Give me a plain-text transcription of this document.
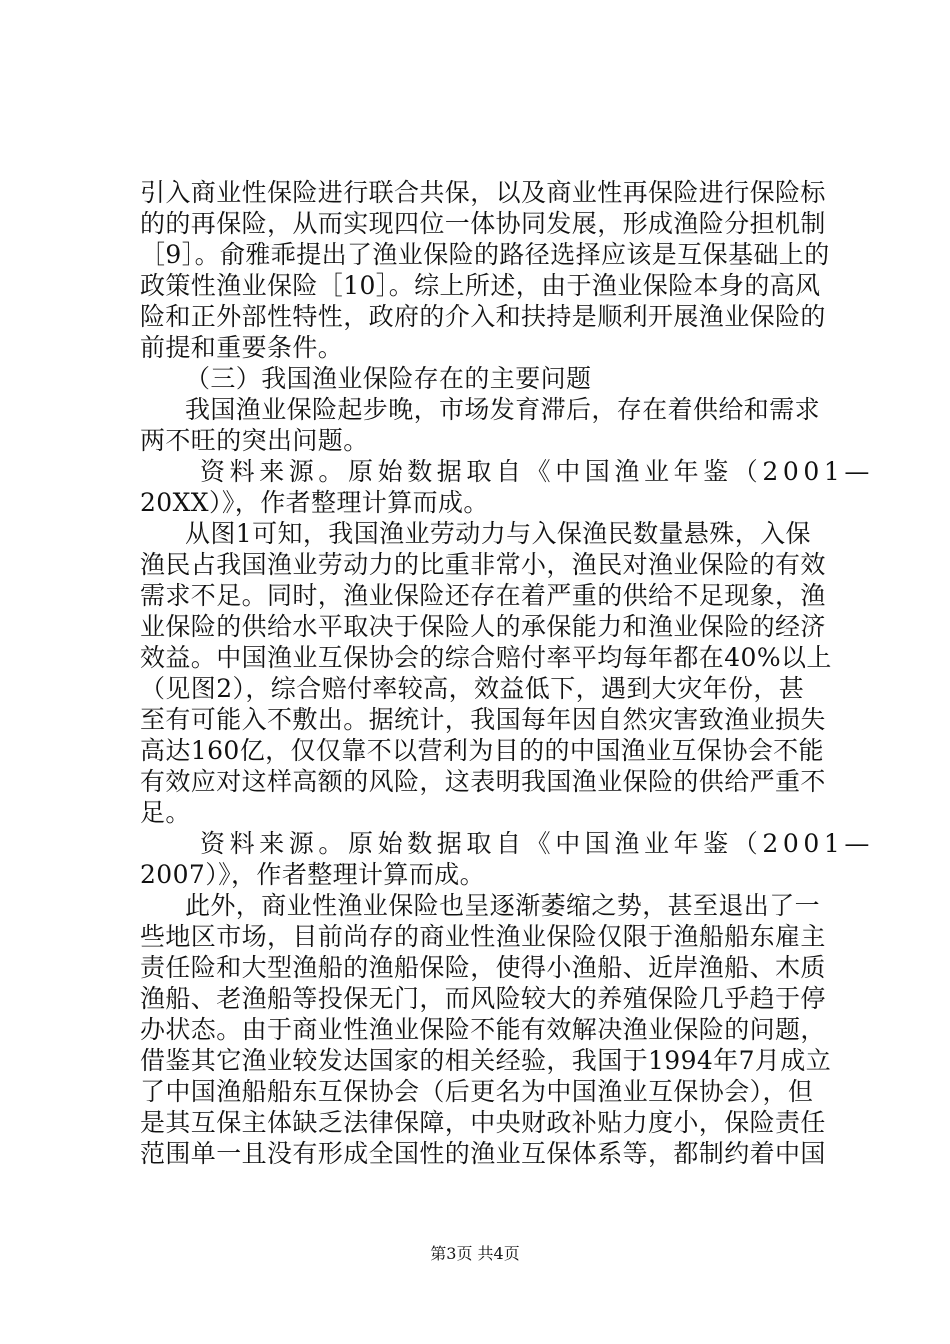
引入商业性保险进行联合共保，以及商业性再保险进行保险标
的的再保险，从而实现四位一体协同发展，形成渔险分担机制
［9］。俞雅乖提出了渔业保险的路径选择应该是互保基础上的
政策性渔业保险［10］。综上所述，由于渔业保险本身的高风
险和正外部性特性，政府的介入和扶持是顺利开展渔业保险的
前提和重要条件。
（三）我国渔业保险存在的主要问题
我国渔业保险起步晚，市场发育滞后，存在着供给和需求
两不旺的突出问题。
资料来源。原始数据取自《中国渔业年鉴（2001—
20XX）》，作者整理计算而成。
从图1可知，我国渔业劳动力与入保渔民数量悬殊，入保
渔民占我国渔业劳动力的比重非常小，渔民对渔业保险的有效
需求不足。同时，渔业保险还存在着严重的供给不足现象，渔
业保险的供给水平取决于保险人的承保能力和渔业保险的经济
效益。中国渔业互保协会的综合赔付率平均每年都在40%以上
（见图2），综合赔付率较高，效益低下，遇到大灾年份，甚
至有可能入不敷出。据统计，我国每年因自然灾害致渔业损失
高达160亿，仅仅靠不以营利为目的的中国渔业互保协会不能
有效应对这样高额的风险，这表明我国渔业保险的供给严重不
足。
资料来源。原始数据取自《中国渔业年鉴（2001—
2007）》，作者整理计算而成。
此外，商业性渔业保险也呈逐渐萎缩之势，甚至退出了一
些地区市场，目前尚存的商业性渔业保险仅限于渔船船东雇主
责任险和大型渔船的渔船保险，使得小渔船、近岸渔船、木质
渔船、老渔船等投保无门，而风险较大的养殖保险几乎趋于停
办状态。由于商业性渔业保险不能有效解决渔业保险的问题，
借鉴其它渔业较发达国家的相关经验，我国于1994年7月成立
了中国渔船船东互保协会（后更名为中国渔业互保协会），但
是其互保主体缺乏法律保障，中央财政补贴力度小，保险责任
范围单一且没有形成全国性的渔业互保体系等，都制约着中国
第3页 共4页
